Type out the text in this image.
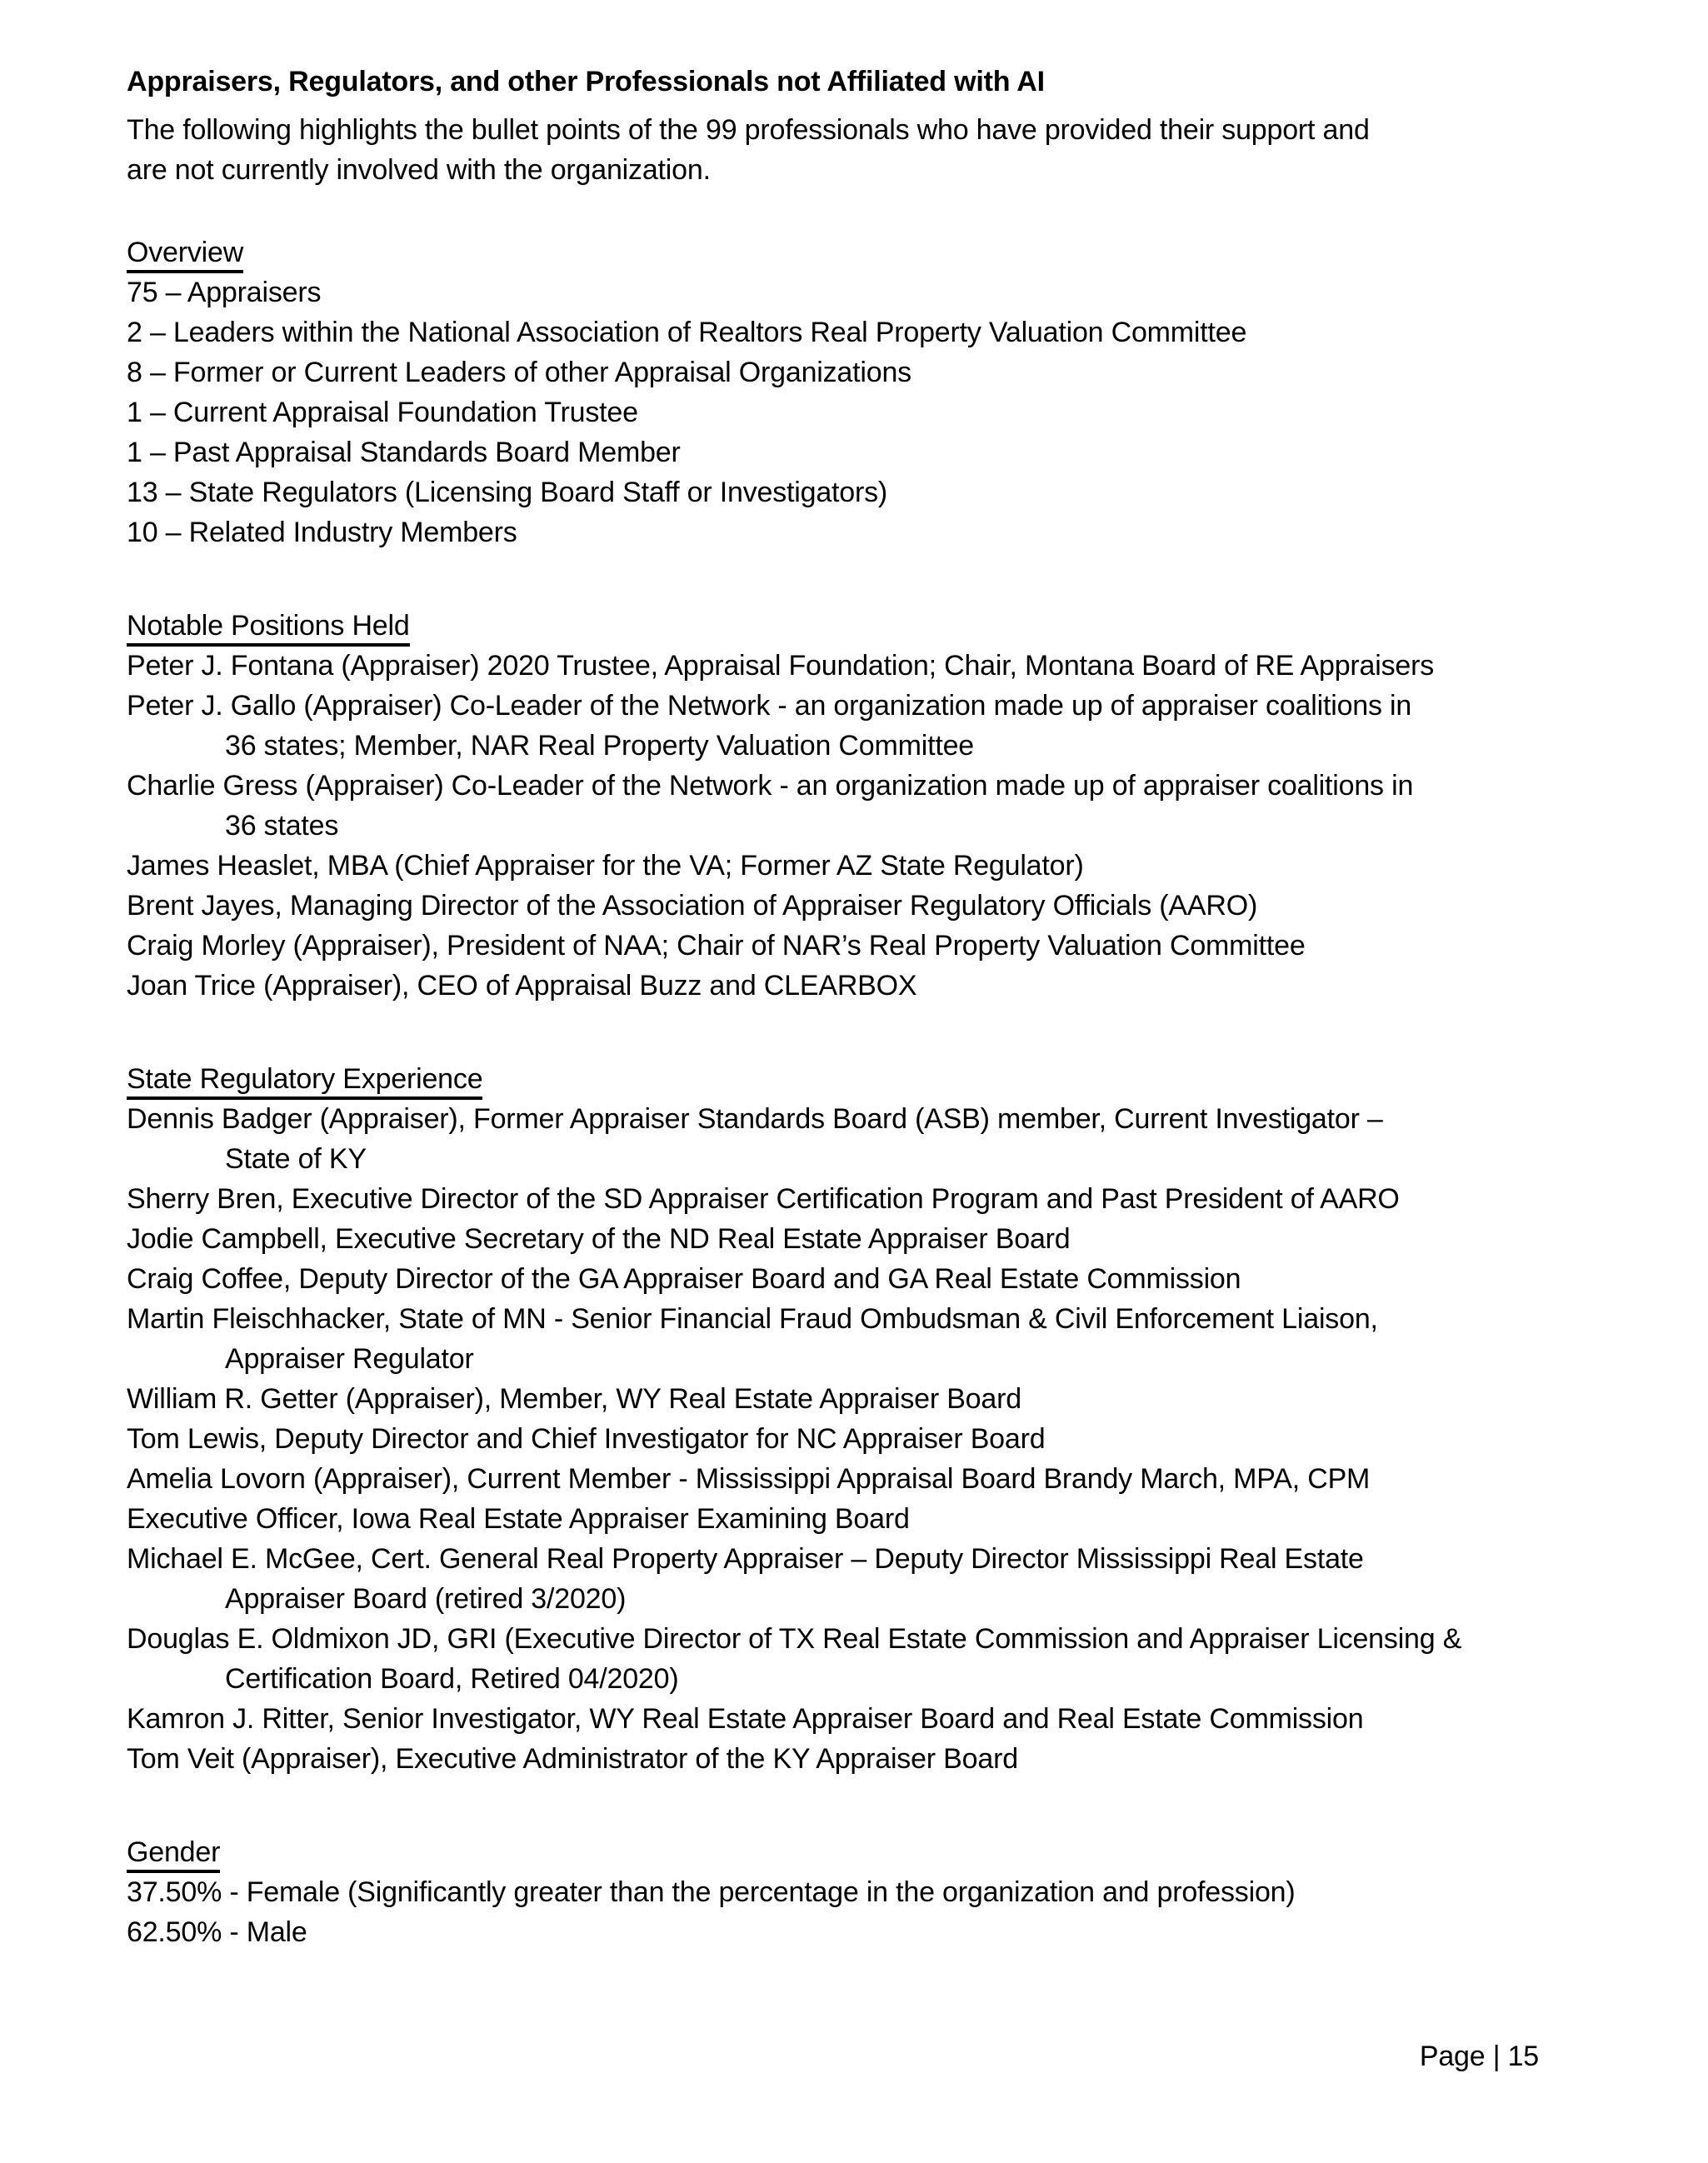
Appraisers, Regulators, and other Professionals not Affiliated with AI
The following highlights the bullet points of the 99 professionals who have provided their support and
are not currently involved with the organization.
Overview
75 – Appraisers
2 – Leaders within the National Association of Realtors Real Property Valuation Committee
8 – Former or Current Leaders of other Appraisal Organizations
1 – Current Appraisal Foundation Trustee
1 – Past Appraisal Standards Board Member
13 – State Regulators (Licensing Board Staff or Investigators)
10 – Related Industry Members
Notable Positions Held
Peter J. Fontana (Appraiser) 2020 Trustee, Appraisal Foundation; Chair, Montana Board of RE Appraisers
Peter J. Gallo (Appraiser) Co-Leader of the Network - an organization made up of appraiser coalitions in
36 states; Member, NAR Real Property Valuation Committee
Charlie Gress (Appraiser) Co-Leader of the Network - an organization made up of appraiser coalitions in
36 states
James Heaslet, MBA (Chief Appraiser for the VA; Former AZ State Regulator)
Brent Jayes, Managing Director of the Association of Appraiser Regulatory Officials (AARO)
Craig Morley (Appraiser), President of NAA; Chair of NAR’s Real Property Valuation Committee
Joan Trice (Appraiser), CEO of Appraisal Buzz and CLEARBOX
State Regulatory Experience
Dennis Badger (Appraiser), Former Appraiser Standards Board (ASB) member, Current Investigator –
State of KY
Sherry Bren, Executive Director of the SD Appraiser Certification Program and Past President of AARO
Jodie Campbell, Executive Secretary of the ND Real Estate Appraiser Board
Craig Coffee, Deputy Director of the GA Appraiser Board and GA Real Estate Commission
Martin Fleischhacker, State of MN - Senior Financial Fraud Ombudsman & Civil Enforcement Liaison,
Appraiser Regulator
William R. Getter (Appraiser), Member, WY Real Estate Appraiser Board
Tom Lewis, Deputy Director and Chief Investigator for NC Appraiser Board
Amelia Lovorn (Appraiser), Current Member - Mississippi Appraisal Board Brandy March, MPA, CPM
Executive Officer, Iowa Real Estate Appraiser Examining Board
Michael E. McGee, Cert. General Real Property Appraiser – Deputy Director Mississippi Real Estate
Appraiser Board (retired 3/2020)
Douglas E. Oldmixon JD, GRI (Executive Director of TX Real Estate Commission and Appraiser Licensing &
Certification Board, Retired 04/2020)
Kamron J. Ritter, Senior Investigator, WY Real Estate Appraiser Board and Real Estate Commission
Tom Veit (Appraiser), Executive Administrator of the KY Appraiser Board
Gender
37.50% - Female (Significantly greater than the percentage in the organization and profession)
62.50% - Male
Page | 15
